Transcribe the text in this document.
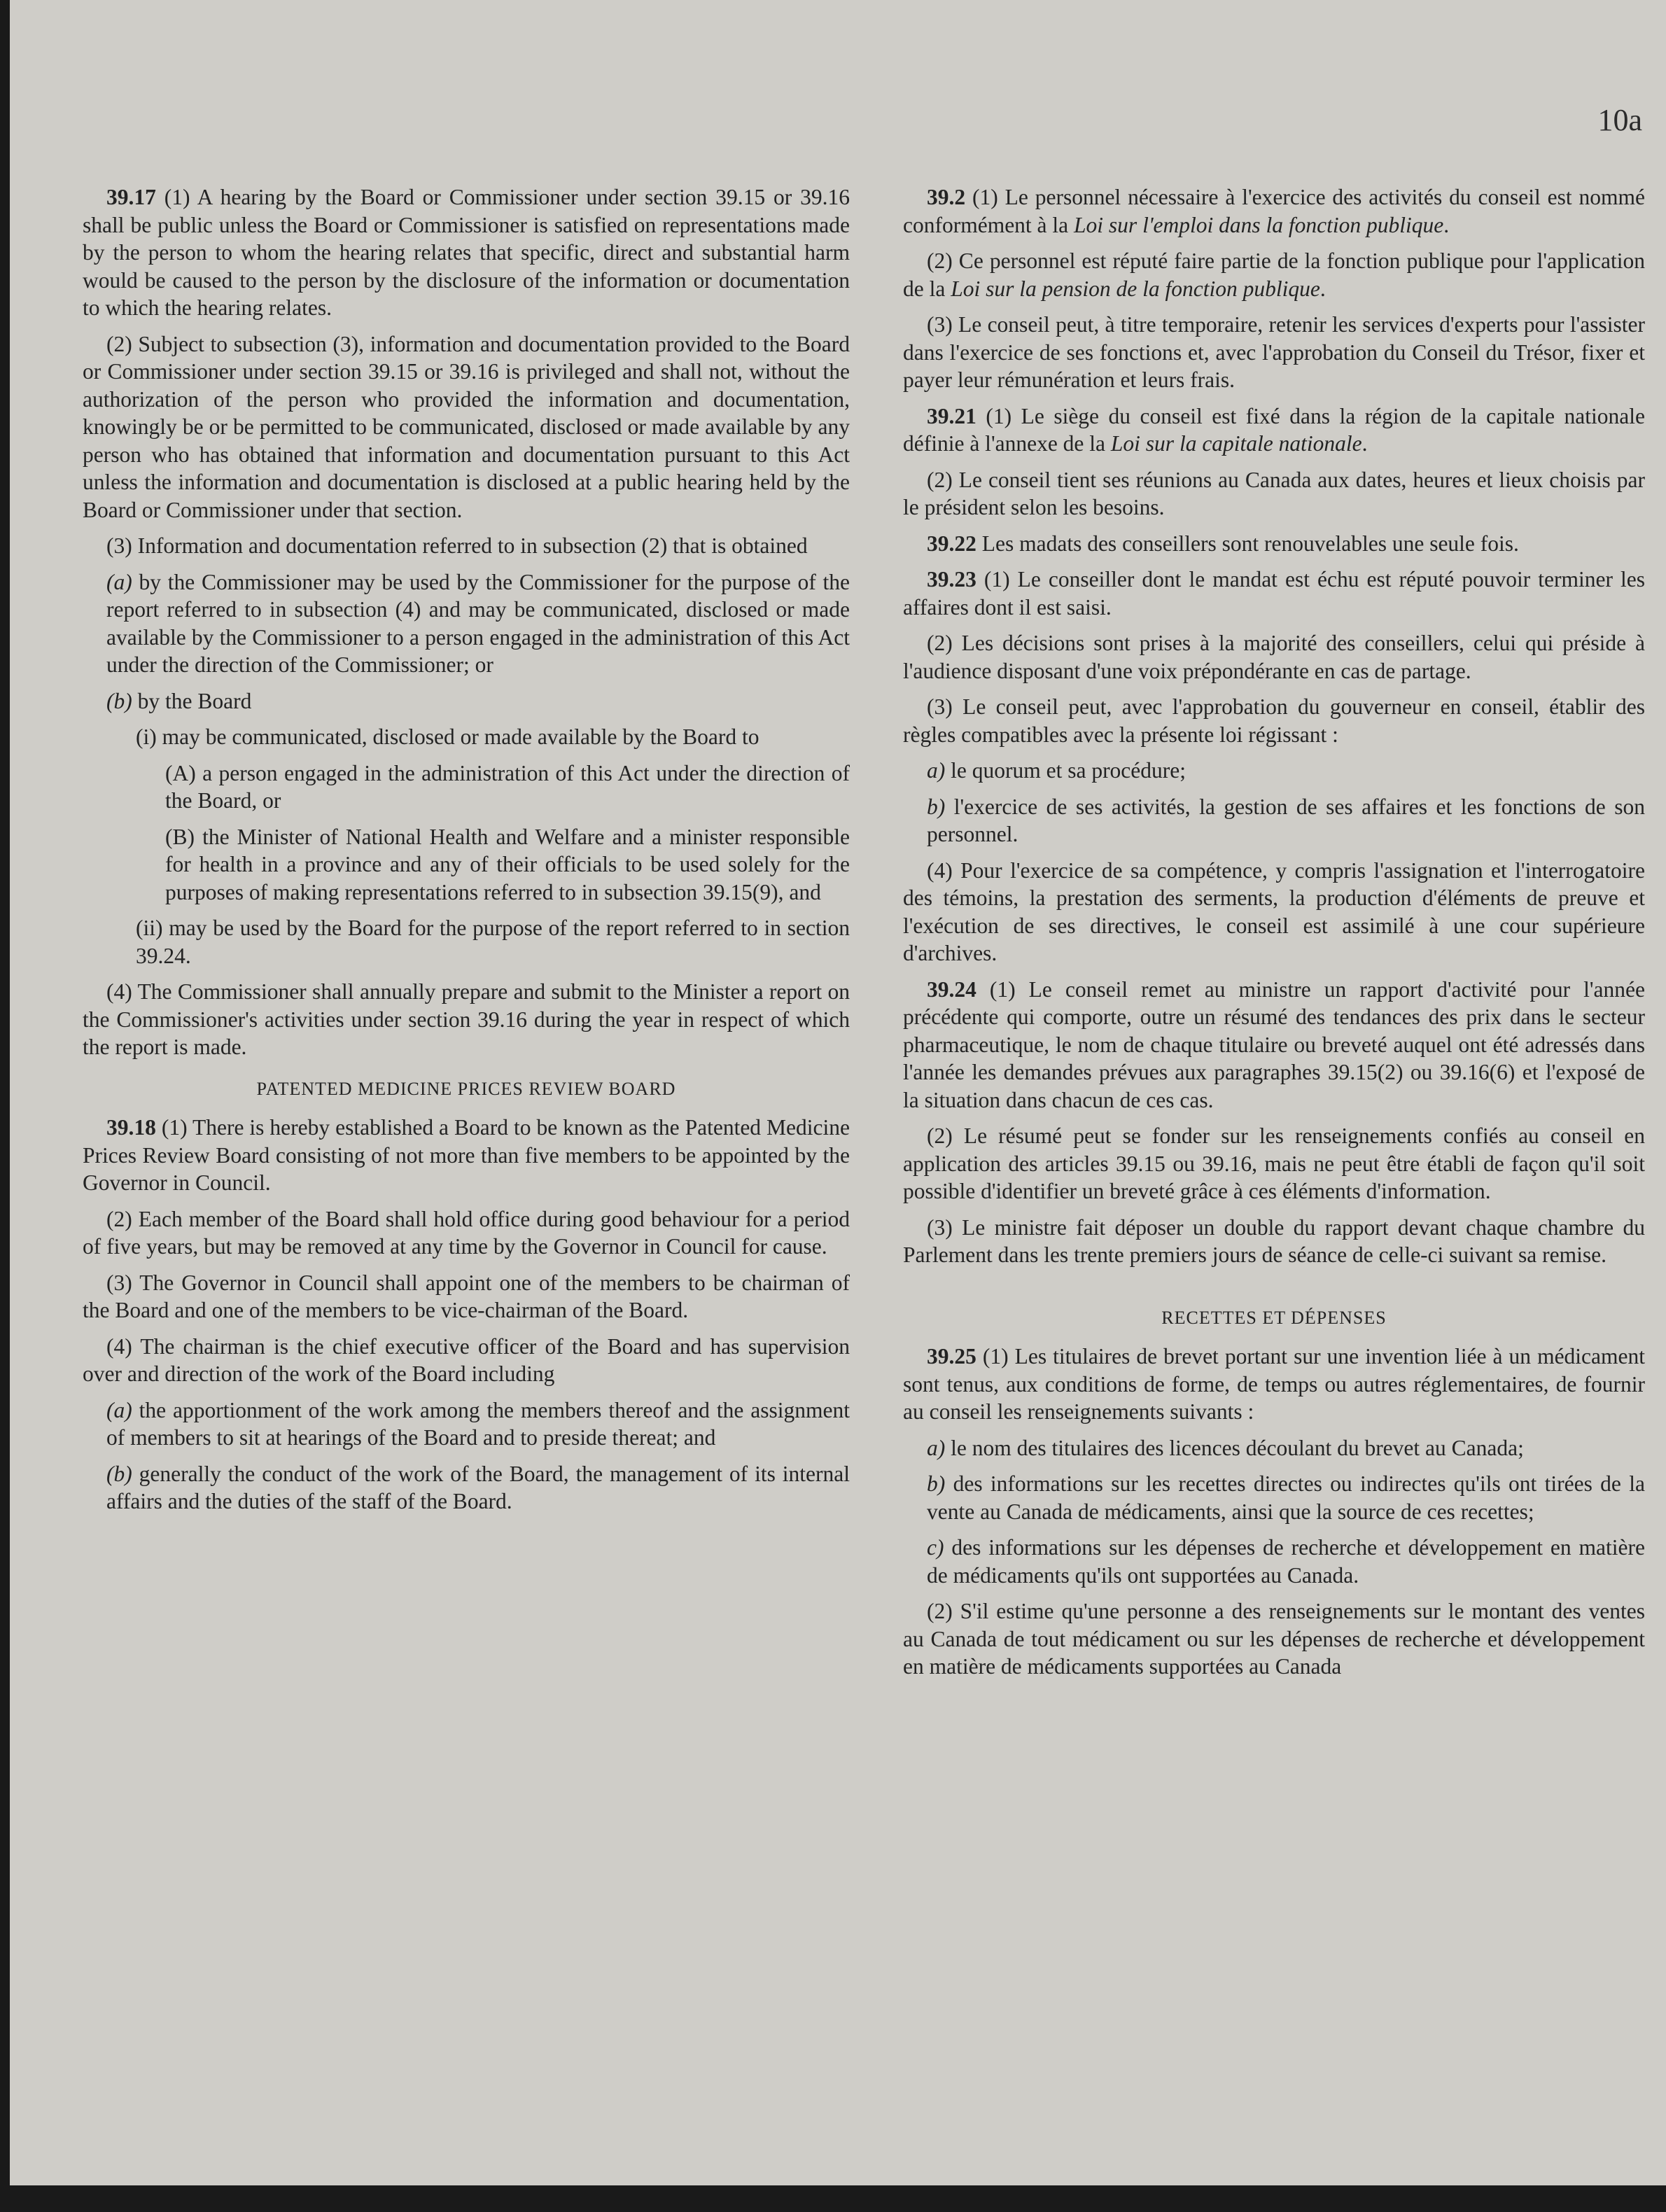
10a

39.17 (1) A hearing by the Board or Commissioner under section 39.15 or 39.16 shall be public unless the Board or Commissioner is satisfied on representations made by the person to whom the hearing relates that specific, direct and substantial harm would be caused to the person by the disclosure of the information or documentation to which the hearing relates.

(2) Subject to subsection (3), information and documentation provided to the Board or Commissioner under section 39.15 or 39.16 is privileged and shall not, without the authorization of the person who provided the information and documentation, knowingly be or be permitted to be communicated, disclosed or made available by any person who has obtained that information and documentation pursuant to this Act unless the information and documentation is disclosed at a public hearing held by the Board or Commissioner under that section.

(3) Information and documentation referred to in subsection (2) that is obtained

(a) by the Commissioner may be used by the Commissioner for the purpose of the report referred to in subsection (4) and may be communicated, disclosed or made available by the Commissioner to a person engaged in the administration of this Act under the direction of the Commissioner; or

(b) by the Board

(i) may be communicated, disclosed or made available by the Board to

(A) a person engaged in the administration of this Act under the direction of the Board, or

(B) the Minister of National Health and Welfare and a minister responsible for health in a province and any of their officials to be used solely for the purposes of making representations referred to in subsection 39.15(9), and

(ii) may be used by the Board for the purpose of the report referred to in section 39.24.

(4) The Commissioner shall annually prepare and submit to the Minister a report on the Commissioner's activities under section 39.16 during the year in respect of which the report is made.

PATENTED MEDICINE PRICES REVIEW BOARD

39.18 (1) There is hereby established a Board to be known as the Patented Medicine Prices Review Board consisting of not more than five members to be appointed by the Governor in Council.

(2) Each member of the Board shall hold office during good behaviour for a period of five years, but may be removed at any time by the Governor in Council for cause.

(3) The Governor in Council shall appoint one of the members to be chairman of the Board and one of the members to be vice-chairman of the Board.

(4) The chairman is the chief executive officer of the Board and has supervision over and direction of the work of the Board including

(a) the apportionment of the work among the members thereof and the assignment of members to sit at hearings of the Board and to preside thereat; and

(b) generally the conduct of the work of the Board, the management of its internal affairs and the duties of the staff of the Board.

39.2 (1) Le personnel nécessaire à l'exercice des activités du conseil est nommé conformément à la Loi sur l'emploi dans la fonction publique.

(2) Ce personnel est réputé faire partie de la fonction publique pour l'application de la Loi sur la pension de la fonction publique.

(3) Le conseil peut, à titre temporaire, retenir les services d'experts pour l'assister dans l'exercice de ses fonctions et, avec l'approbation du Conseil du Trésor, fixer et payer leur rémunération et leurs frais.

39.21 (1) Le siège du conseil est fixé dans la région de la capitale nationale définie à l'annexe de la Loi sur la capitale nationale.

(2) Le conseil tient ses réunions au Canada aux dates, heures et lieux choisis par le président selon les besoins.

39.22 Les madats des conseillers sont renouvelables une seule fois.

39.23 (1) Le conseiller dont le mandat est échu est réputé pouvoir terminer les affaires dont il est saisi.

(2) Les décisions sont prises à la majorité des conseillers, celui qui préside à l'audience disposant d'une voix prépondérante en cas de partage.

(3) Le conseil peut, avec l'approbation du gouverneur en conseil, établir des règles compatibles avec la présente loi régissant :

a) le quorum et sa procédure;

b) l'exercice de ses activités, la gestion de ses affaires et les fonctions de son personnel.

(4) Pour l'exercice de sa compétence, y compris l'assignation et l'interrogatoire des témoins, la prestation des serments, la production d'éléments de preuve et l'exécution de ses directives, le conseil est assimilé à une cour supérieure d'archives.

39.24 (1) Le conseil remet au ministre un rapport d'activité pour l'année précédente qui comporte, outre un résumé des tendances des prix dans le secteur pharmaceutique, le nom de chaque titulaire ou breveté auquel ont été adressés dans l'année les demandes prévues aux paragraphes 39.15(2) ou 39.16(6) et l'exposé de la situation dans chacun de ces cas.

(2) Le résumé peut se fonder sur les renseignements confiés au conseil en application des articles 39.15 ou 39.16, mais ne peut être établi de façon qu'il soit possible d'identifier un breveté grâce à ces éléments d'information.

(3) Le ministre fait déposer un double du rapport devant chaque chambre du Parlement dans les trente premiers jours de séance de celle-ci suivant sa remise.

RECETTES ET DÉPENSES

39.25 (1) Les titulaires de brevet portant sur une invention liée à un médicament sont tenus, aux conditions de forme, de temps ou autres réglementaires, de fournir au conseil les renseignements suivants :

a) le nom des titulaires des licences découlant du brevet au Canada;

b) des informations sur les recettes directes ou indirectes qu'ils ont tirées de la vente au Canada de médicaments, ainsi que la source de ces recettes;

c) des informations sur les dépenses de recherche et développement en matière de médicaments qu'ils ont supportées au Canada.

(2) S'il estime qu'une personne a des renseignements sur le montant des ventes au Canada de tout médicament ou sur les dépenses de recherche et développement en matière de médicaments supportées au Canada
